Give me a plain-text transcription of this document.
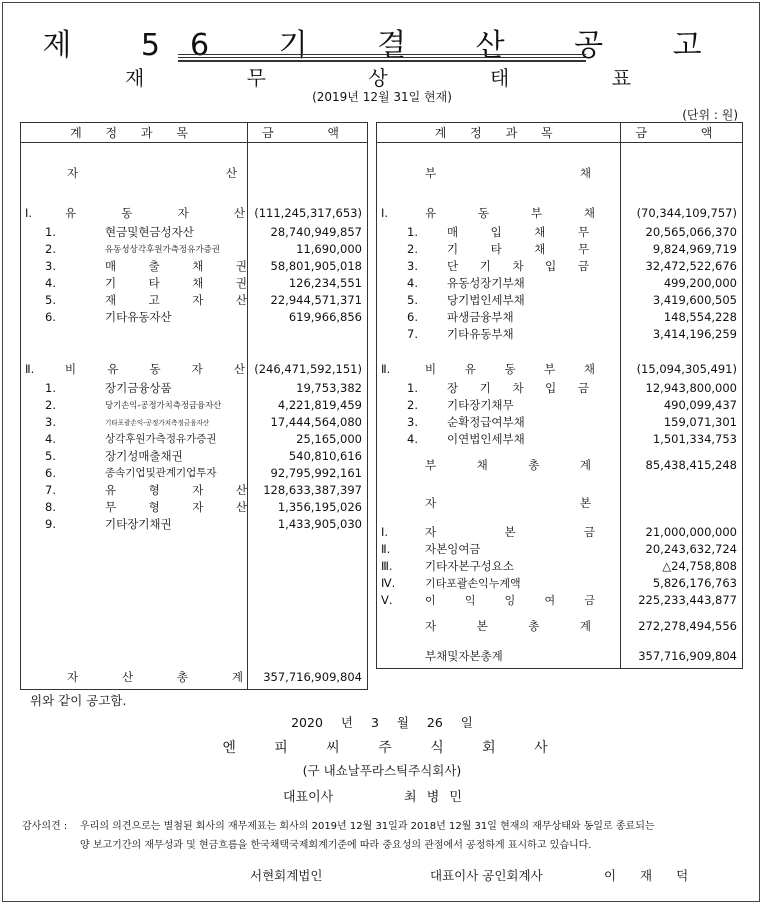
제 56 기 결 산 공 고
재 무 상 태 표
(2019년 12월 31일 현재)
(단위 : 원)
계 정 과 목	금 액

자 산	

Ⅰ. 유 동 자 산	(111,245,317,653)

1. 현금및현금성자산	28,740,949,857

2. 유동성상각후원가측정유가증권	11,690,000

3. 매 출 채 권	58,801,905,018

4. 기 타 채 권	126,234,551

5. 재 고 자 산	22,944,571,371

6. 기타유동자산	619,966,856

Ⅱ. 비 유 동 자 산	(246,471,592,151)

1. 장기금융상품	19,753,382

2. 당기손익-공정가치측정금융자산	4,221,819,459

3. 기타포괄손익-공정가치측정금융자산	17,444,564,080

4. 상각후원가측정유가증권	25,165,000

5. 장기성매출채권	540,810,616

6. 종속기업및관계기업투자	92,795,992,161

7. 유 형 자 산	128,633,387,397

8. 무 형 자 산	1,356,195,026

9. 기타장기채권	1,433,905,030

자 산 총 계	357,716,909,804
계 정 과 목	금 액

부 채	

Ⅰ. 유 동 부 채	(70,344,109,757)

1. 매 입 채 무	20,565,066,370

2. 기 타 채 무	9,824,969,719

3. 단 기 차 입 금	32,472,522,676

4. 유동성장기부채	499,200,000

5. 당기법인세부채	3,419,600,505

6. 파생금융부채	148,554,228

7. 기타유동부채	3,414,196,259

Ⅱ. 비 유 동 부 채	(15,094,305,491)

1. 장 기 차 입 금	12,943,800,000

2. 기타장기채무	490,099,437

3. 순확정급여부채	159,071,301

4. 이연법인세부채	1,501,334,753

부 채 총 계	85,438,415,248

자 본	

Ⅰ. 자 본 금	21,000,000,000

Ⅱ. 자본잉여금	20,243,632,724

Ⅲ. 기타자본구성요소	△24,758,808

Ⅳ. 기타포괄손익누계액	5,826,176,763

Ⅴ. 이 익 잉 여 금	225,233,443,877

자 본 총 계	272,278,494,556

부채및자본총계	357,716,909,804
위와 같이 공고함.
2020 년 3 월 26 일
엔 피 씨 주 식 회 사
(구 내쇼날푸라스틱주식회사)
대표이사	최 병 민
감사의견 : 우리의 의견으로는 별첨된 회사의 재무제표는 회사의 2019년 12월 31일과 2018년 12월 31일 현재의 재무상태와 동일로 종료되는
양 보고기간의 재무성과 및 현금흐름을 한국채택국제회계기준에 따라 중요성의 관점에서 공정하게 표시하고 있습니다.
서현회계법인	대표이사 공인회계사	이 재 덕
